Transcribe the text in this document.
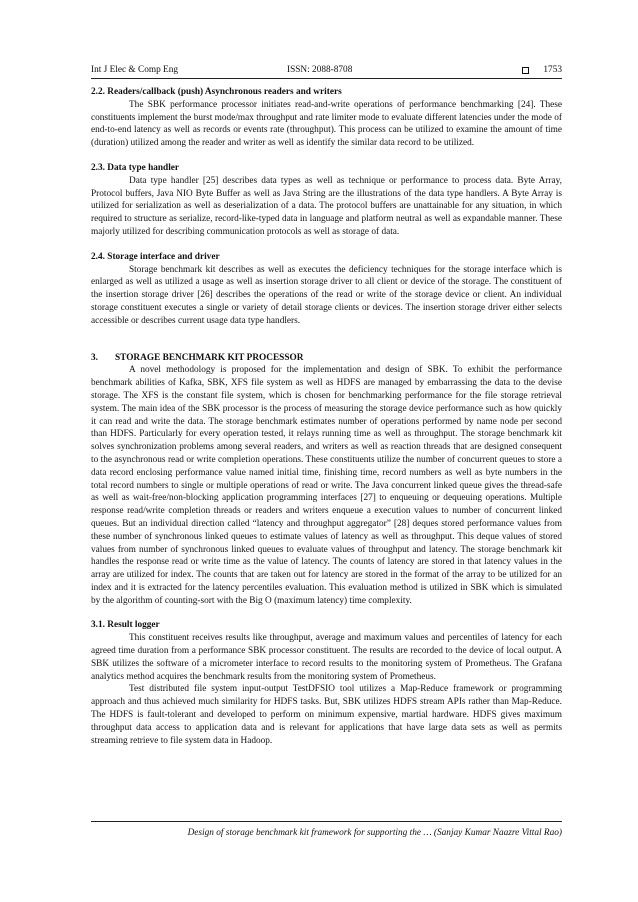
Int J Elec & Comp Eng	ISSN: 2088-8708	1753

2.2. Readers/callback (push) Asynchronous readers and writers

The SBK performance processor initiates read-and-write operations of performance benchmarking [24]. These constituents implement the burst mode/max throughput and rate limiter mode to evaluate different latencies under the mode of end-to-end latency as well as records or events rate (throughput). This process can be utilized to examine the amount of time (duration) utilized among the reader and writer as well as identify the similar data record to be utilized.

2.3. Data type handler

Data type handler [25] describes data types as well as technique or performance to process data. Byte Array, Protocol buffers, Java NIO Byte Buffer as well as Java String are the illustrations of the data type handlers. A Byte Array is utilized for serialization as well as deserialization of a data. The protocol buffers are unattainable for any situation, in which required to structure as serialize, record-like-typed data in language and platform neutral as well as expandable manner. These majorly utilized for describing communication protocols as well as storage of data.

2.4. Storage interface and driver

Storage benchmark kit describes as well as executes the deficiency techniques for the storage interface which is enlarged as well as utilized a usage as well as insertion storage driver to all client or device of the storage. The constituent of the insertion storage driver [26] describes the operations of the read or write of the storage device or client. An individual storage constituent executes a single or variety of detail storage clients or devices. The insertion storage driver either selects accessible or describes current usage data type handlers.

3.	STORAGE BENCHMARK KIT PROCESSOR

A novel methodology is proposed for the implementation and design of SBK. To exhibit the performance benchmark abilities of Kafka, SBK, XFS file system as well as HDFS are managed by embarrassing the data to the devise storage. The XFS is the constant file system, which is chosen for benchmarking performance for the file storage retrieval system. The main idea of the SBK processor is the process of measuring the storage device performance such as how quickly it can read and write the data. The storage benchmark estimates number of operations performed by name node per second than HDFS. Particularly for every operation tested, it relays running time as well as throughput. The storage benchmark kit solves synchronization problems among several readers, and writers as well as reaction threads that are designed consequent to the asynchronous read or write completion operations. These constituents utilize the number of concurrent queues to store a data record enclosing performance value named initial time, finishing time, record numbers as well as byte numbers in the total record numbers to single or multiple operations of read or write. The Java concurrent linked queue gives the thread-safe as well as wait-free/non-blocking application programming interfaces [27] to enqueuing or dequeuing operations. Multiple response read/write completion threads or readers and writers enqueue a execution values to number of concurrent linked queues. But an individual direction called “latency and throughput aggregator” [28] deques stored performance values from these number of synchronous linked queues to estimate values of latency as well as throughput. This deque values of stored values from number of synchronous linked queues to evaluate values of throughput and latency. The storage benchmark kit handles the response read or write time as the value of latency. The counts of latency are stored in that latency values in the array are utilized for index. The counts that are taken out for latency are stored in the format of the array to be utilized for an index and it is extracted for the latency percentiles evaluation. This evaluation method is utilized in SBK which is simulated by the algorithm of counting-sort with the Big O (maximum latency) time complexity.

3.1. Result logger

This constituent receives results like throughput, average and maximum values and percentiles of latency for each agreed time duration from a performance SBK processor constituent. The results are recorded to the device of local output. A SBK utilizes the software of a micrometer interface to record results to the monitoring system of Prometheus. The Grafana analytics method acquires the benchmark results from the monitoring system of Prometheus.

Test distributed file system input-output TestDFSIO tool utilizes a Map-Reduce framework or programming approach and thus achieved much similarity for HDFS tasks. But, SBK utilizes HDFS stream APIs rather than Map-Reduce. The HDFS is fault-tolerant and developed to perform on minimum expensive, martial hardware. HDFS gives maximum throughput data access to application data and is relevant for applications that have large data sets as well as permits streaming retrieve to file system data in Hadoop.

Design of storage benchmark kit framework for supporting the … (Sanjay Kumar Naazre Vittal Rao)
